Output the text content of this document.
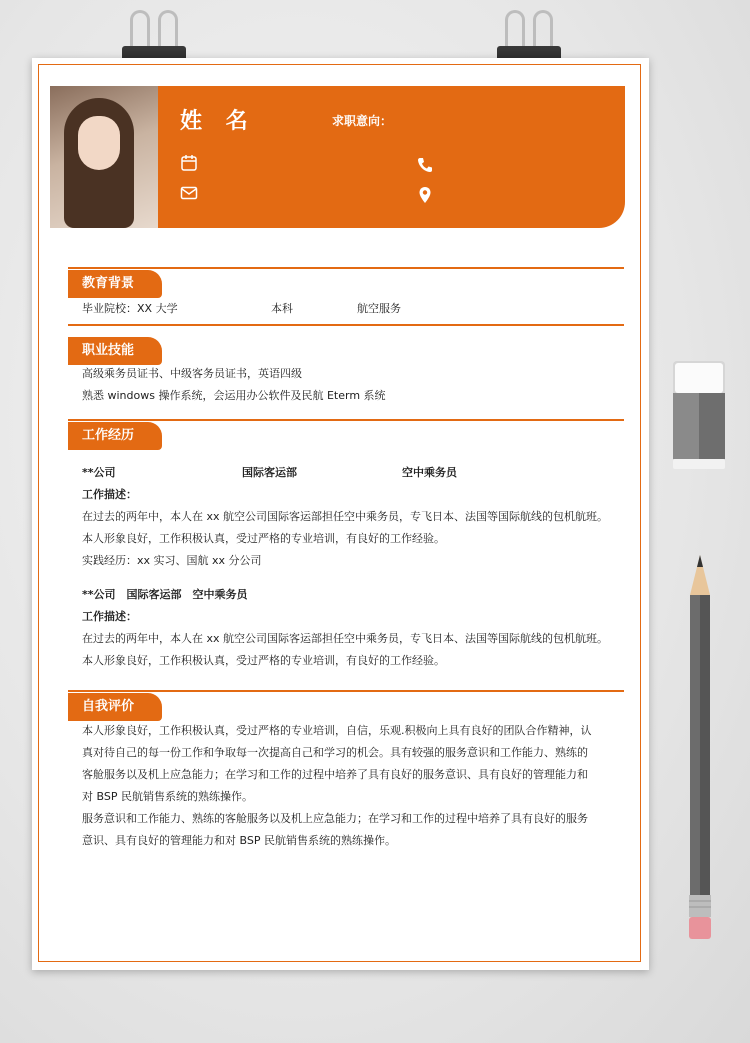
姓 名	求职意向：
教育背景
毕业院校：XX 大学	本科	航空服务
职业技能
高级乘务员证书、中级客务员证书，英语四级
熟悉 windows 操作系统，会运用办公软件及民航 Eterm 系统
工作经历
**公司	国际客运部	空中乘务员
工作描述：
在过去的两年中，本人在 xx 航空公司国际客运部担任空中乘务员，专飞日本、法国等国际航线的包机航班。
本人形象良好，工作积极认真，受过严格的专业培训，有良好的工作经验。
实践经历：xx 实习、国航 xx 分公司
**公司　国际客运部　空中乘务员
工作描述：
在过去的两年中，本人在 xx 航空公司国际客运部担任空中乘务员，专飞日本、法国等国际航线的包机航班。
本人形象良好，工作积极认真，受过严格的专业培训，有良好的工作经验。
自我评价
本人形象良好，工作积极认真，受过严格的专业培训，自信，乐观.积极向上具有良好的团队合作精神，认
真对待自己的每一份工作和争取每一次提高自己和学习的机会。具有较强的服务意识和工作能力、熟练的
客舱服务以及机上应急能力；在学习和工作的过程中培养了具有良好的服务意识、具有良好的管理能力和
对 BSP 民航销售系统的熟练操作。
服务意识和工作能力、熟练的客舱服务以及机上应急能力；在学习和工作的过程中培养了具有良好的服务
意识、具有良好的管理能力和对 BSP 民航销售系统的熟练操作。
